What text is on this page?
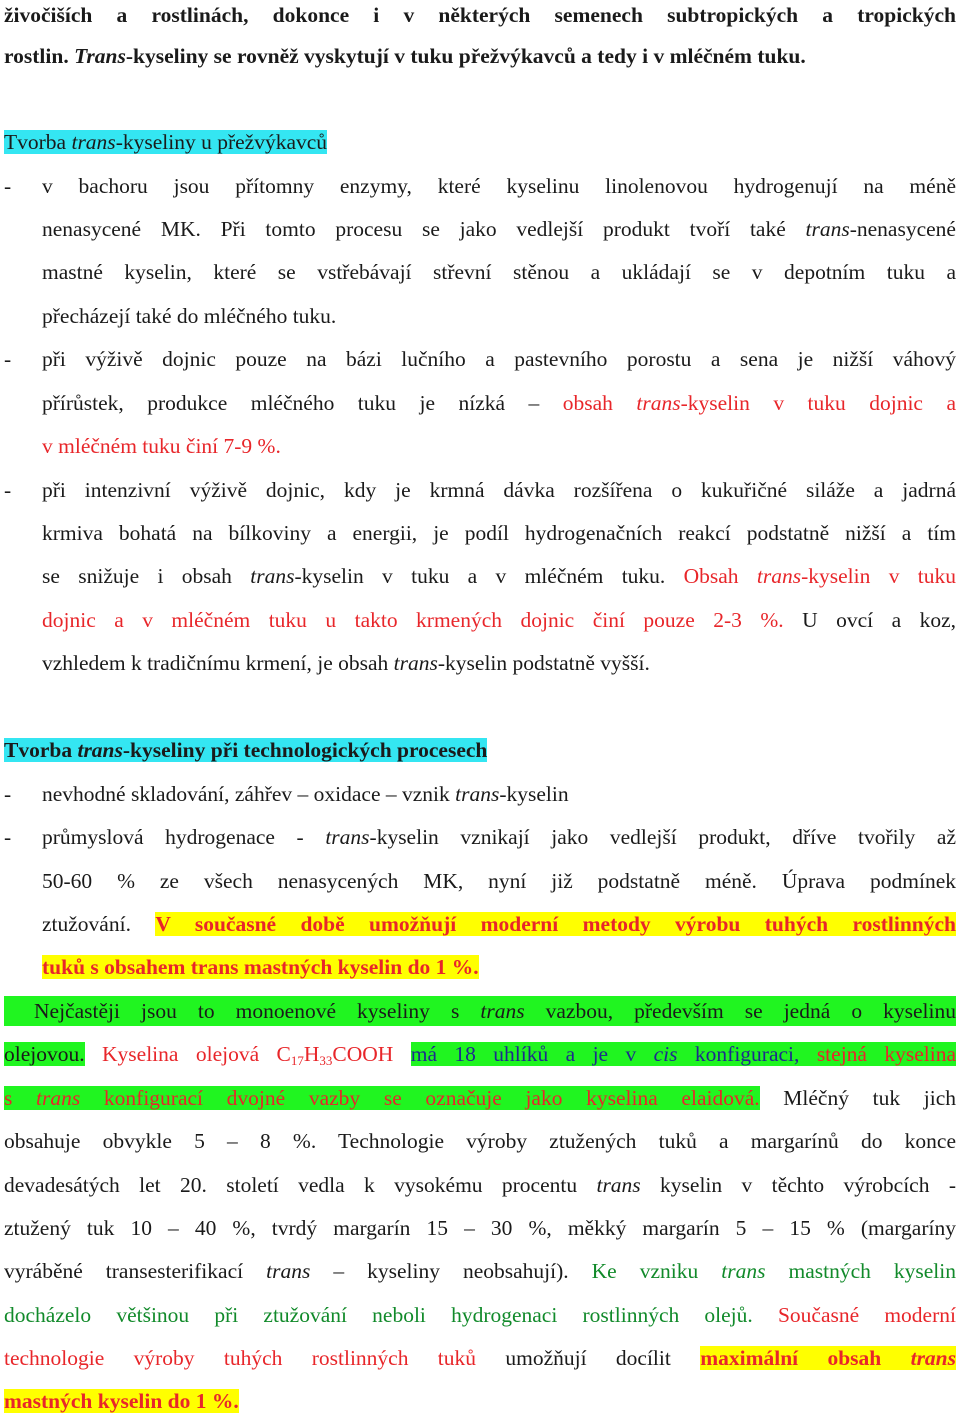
živočiších a rostlinách, dokonce i v některých semenech subtropických a tropických
rostlin. Trans-kyseliny se rovněž vyskytují v tuku přežvýkavců a tedy i v mléčném tuku.
Tvorba trans-kyseliny u přežvýkavců
-	v bachoru jsou přítomny enzymy, které kyselinu linolenovou hydrogenují na méně
nenasycené MK. Při tomto procesu se jako vedlejší produkt tvoří také trans-nenasycené
mastné kyselin, které se vstřebávají střevní stěnou a ukládají se v depotním tuku a
přecházejí také do mléčného tuku.
-	při výživě dojnic pouze na bázi lučního a pastevního porostu a sena je nižší váhový
přírůstek, produkce mléčného tuku je nízká – obsah trans-kyselin v tuku dojnic a
v mléčném tuku činí 7-9 %.
-	při intenzivní výživě dojnic, kdy je krmná dávka rozšířena o kukuřičné siláže a jadrná
krmiva bohatá na bílkoviny a energii, je podíl hydrogenačních reakcí podstatně nižší a tím
se snižuje i obsah trans-kyselin v tuku a v mléčném tuku. Obsah trans-kyselin v tuku
dojnic a v mléčném tuku u takto krmených dojnic činí pouze 2-3 %. U ovcí a koz,
vzhledem k tradičnímu krmení, je obsah trans-kyselin podstatně vyšší.
Tvorba trans-kyseliny při technologických procesech
-	nevhodné skladování, záhřev – oxidace – vznik trans-kyselin
-	průmyslová hydrogenace - trans-kyselin vznikají jako vedlejší produkt, dříve tvořily až
50-60 % ze všech nenasycených MK, nyní již podstatně méně. Úprava podmínek
ztužování. V současné době umožňují moderní metody výrobu tuhých rostlinných
tuků s obsahem trans mastných kyselin do 1 %.
Nejčastěji jsou to monoenové kyseliny s trans vazbou, především se jedná o kyselinu
olejovou. Kyselina olejová $C_{17}H_{33}COOH$ má 18 uhlíků a je v cis konfiguraci, stejná kyselina
s trans konfigurací dvojné vazby se označuje jako kyselina elaidová. Mléčný tuk jich
obsahuje obvykle 5 – 8 %. Technologie výroby ztužených tuků a margarínů do konce
devadesátých let 20. století vedla k vysokému procentu trans kyselin v těchto výrobcích -
ztužený tuk 10 – 40 %, tvrdý margarín 15 – 30 %, měkký margarín 5 – 15 % (margaríny
vyráběné transesterifikací trans – kyseliny neobsahují). Ke vzniku trans mastných kyselin
docházelo většinou při ztužování neboli hydrogenaci rostlinných olejů. Současné moderní
technologie výroby tuhých rostlinných tuků umožňují docílit maximální obsah trans
mastných kyselin do 1 %.
